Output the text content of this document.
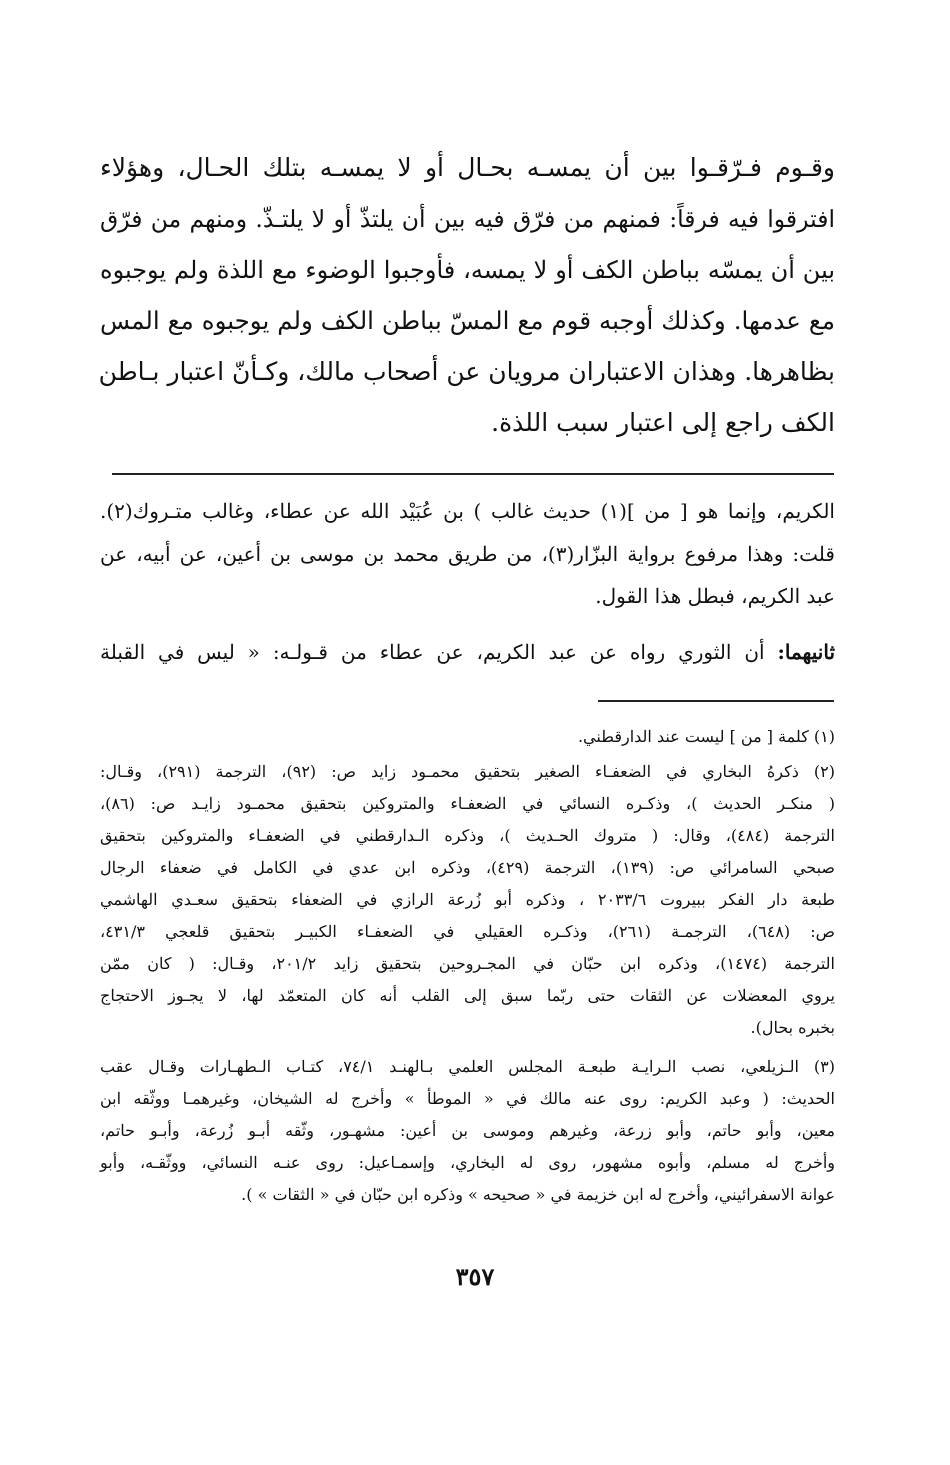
وقـوم فـرّقـوا بين أن يمسـه بحـال أو لا يمسـه بتلك الحـال، وهؤلاء
افترقوا فيه فرقاً: فمنهم من فرّق فيه بين أن يلتذّ أو لا يلتـذّ. ومنهم من فرّق
بين أن يمسّه بباطن الكف أو لا يمسه، فأوجبوا الوضوء مع اللذة ولم يوجبوه
مع عدمها. وكذلك أوجبه قوم مع المسّ بباطن الكف ولم يوجبوه مع المس
بظاهرها. وهذان الاعتباران مرويان عن أصحاب مالك، وكـأنّ اعتبار بـاطن
الكف راجع إلى اعتبار سبب اللذة.
الكريم، وإنما هو [ من ](١) حديث غالب ) بن عُبَيْد الله عن عطاء، وغالب متـروك(٢).
قلت: وهذا مرفوع برواية البزّار(٣)، من طريق محمد بن موسى بن أعين، عن أبيه، عن
عبد الكريم، فبطل هذا القول.
ثانيهما: أن الثوري رواه عن عبد الكريم، عن عطاء من قـولـه: « ليس في القبلة
(١) كلمة [ من ] ليست عند الدارقطني.
(٢) ذكرهُ البخاري في الضعفـاء الصغير بتحقيق محمـود زايد ص: (٩٢)، الترجمة (٢٩١)، وقـال:
( منكـر الحديث )، وذكـره النسائي في الضعفـاء والمتروكين بتحقيق محمـود زايـد ص: (٨٦)،
الترجمة (٤٨٤)، وقال: ( متروك الحـديث )، وذكره الـدارقطني في الضعفـاء والمتروكين بتحقيق
صبحي السامرائي ص: (١٣٩)، الترجمة (٤٢٩)، وذكره ابن عدي في الكامل في ضعفاء الرجال
طبعة دار الفكر ببيروت ٢٠٣٣/٦ ، وذكره أبو زُرعة الرازي في الضعفاء بتحقيق سعـدي الهاشمي
ص: (٦٤٨)، الترجمـة (٢٦١)، وذكـره العقيلي في الضعفـاء الكبيـر بتحقيق قلعجي ٤٣١/٣،
الترجمة (١٤٧٤)، وذكره ابن حبّان في المجـروحين بتحقيق زايد ٢٠١/٢، وقـال: ( كان ممّن
يروي المعضلات عن الثقات حتى ربّما سبق إلى القلب أنه كان المتعمّد لها، لا يجـوز الاحتجاج
بخبره بحال).
(٣) الـزيلعي، نصب الـرايـة طبعـة المجلس العلمي بـالهنـد ٧٤/١، كتـاب الـطهـارات وقـال عقب
الحديث: ( وعبد الكريم: روى عنه مالك في « الموطأ » وأخرج له الشيخان، وغيرهمـا ووثّقه ابن
معين، وأبو حاتم، وأبو زرعة، وغيرهم وموسى بن أعين: مشهـور، وثّقه أبـو زُرعة، وأبـو حاتم،
وأخرج له مسلم، وأبوه مشهور، روى له البخاري، وإسمـاعيل: روى عنـه النسائي، ووثّقـه، وأبو
عوانة الاسفرائيني، وأخرج له ابن خزيمة في « صحيحه » وذكره ابن حبّان في « الثقات » ).
٣٥٧
